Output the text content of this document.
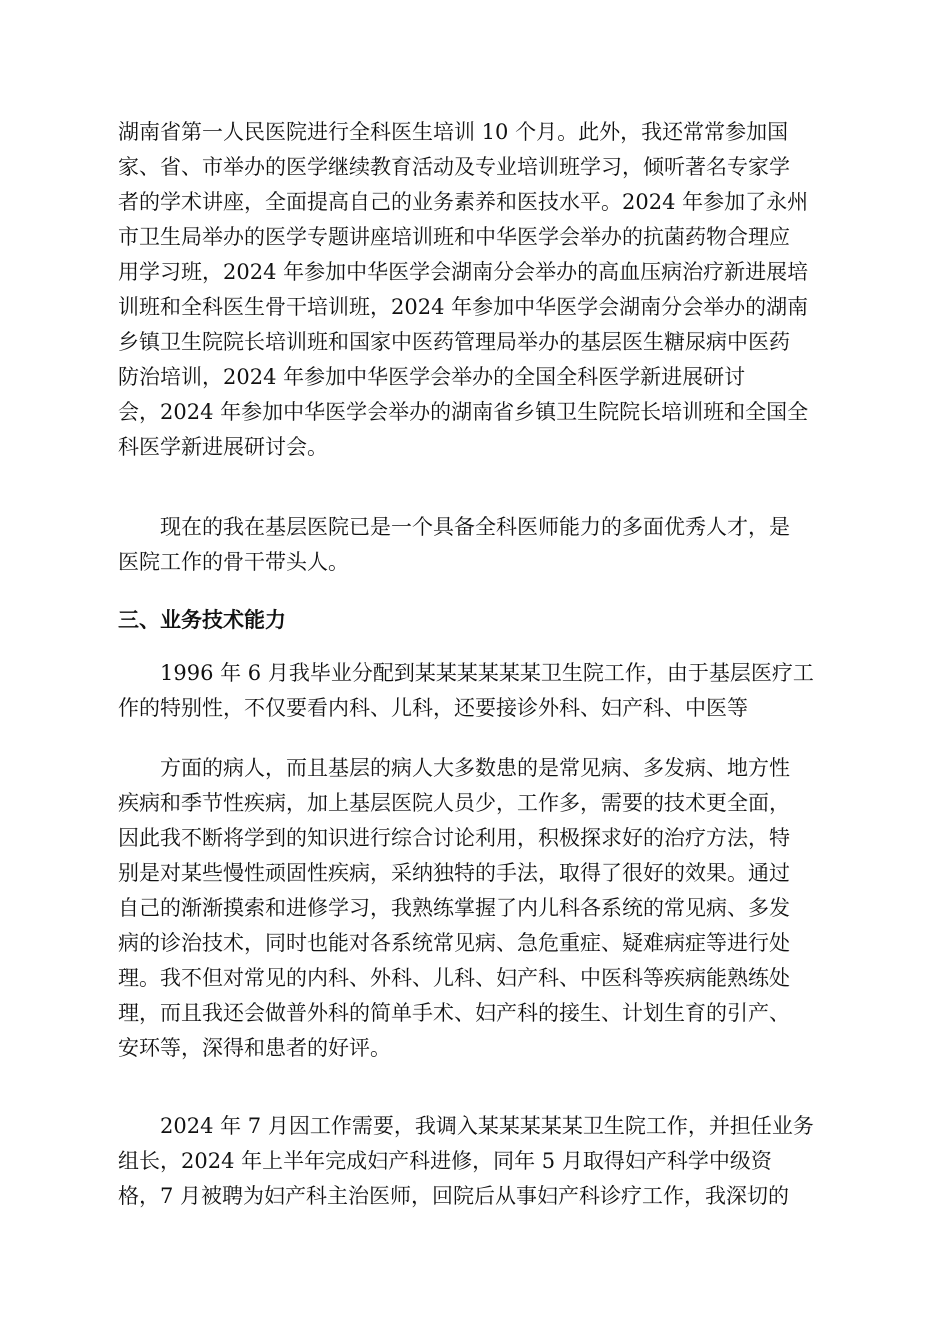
湖南省第一人民医院进行全科医生培训 10 个月。此外，我还常常参加国
家、省、市举办的医学继续教育活动及专业培训班学习，倾听著名专家学
者的学术讲座，全面提高自己的业务素养和医技水平。2024 年参加了永州
市卫生局举办的医学专题讲座培训班和中华医学会举办的抗菌药物合理应
用学习班，2024 年参加中华医学会湖南分会举办的高血压病治疗新进展培
训班和全科医生骨干培训班，2024 年参加中华医学会湖南分会举办的湖南
乡镇卫生院院长培训班和国家中医药管理局举办的基层医生糖尿病中医药
防治培训，2024 年参加中华医学会举办的全国全科医学新进展研讨
会，2024 年参加中华医学会举办的湖南省乡镇卫生院院长培训班和全国全
科医学新进展研讨会。
现在的我在基层医院已是一个具备全科医师能力的多面优秀人才，是
医院工作的骨干带头人。
三、业务技术能力
1996 年 6 月我毕业分配到某某某某某某卫生院工作，由于基层医疗工
作的特别性，不仅要看内科、儿科，还要接诊外科、妇产科、中医等
方面的病人，而且基层的病人大多数患的是常见病、多发病、地方性
疾病和季节性疾病，加上基层医院人员少，工作多，需要的技术更全面，
因此我不断将学到的知识进行综合讨论利用，积极探求好的治疗方法，特
别是对某些慢性顽固性疾病，采纳独特的手法，取得了很好的效果。通过
自己的渐渐摸索和进修学习，我熟练掌握了内儿科各系统的常见病、多发
病的诊治技术，同时也能对各系统常见病、急危重症、疑难病症等进行处
理。我不但对常见的内科、外科、儿科、妇产科、中医科等疾病能熟练处
理，而且我还会做普外科的简单手术、妇产科的接生、计划生育的引产、
安环等，深得和患者的好评。
2024 年 7 月因工作需要，我调入某某某某某卫生院工作，并担任业务
组长，2024 年上半年完成妇产科进修，同年 5 月取得妇产科学中级资
格，7 月被聘为妇产科主治医师，回院后从事妇产科诊疗工作，我深切的
